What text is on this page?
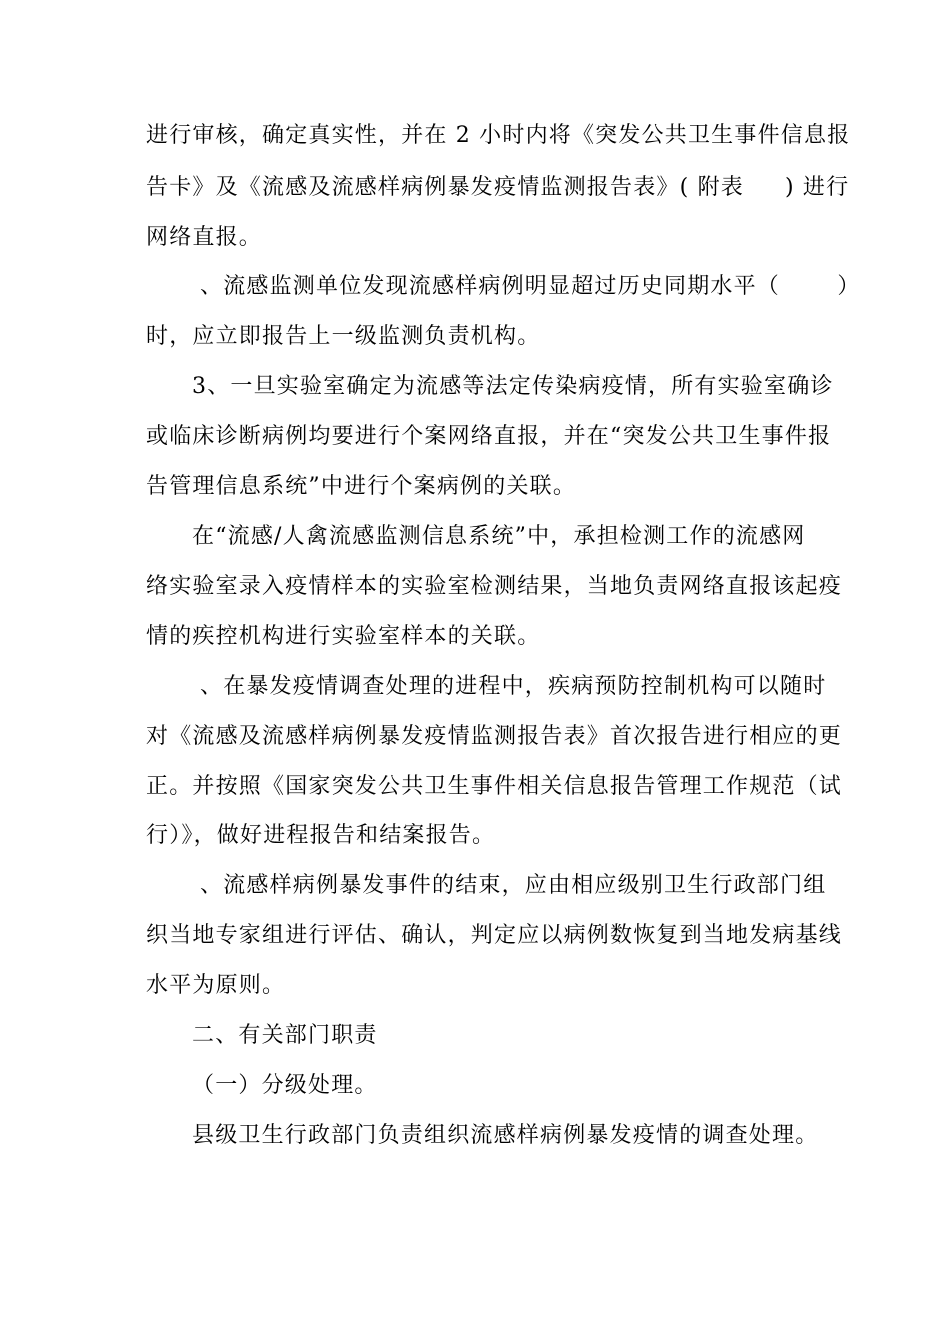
进行审核，确定真实性，并在 2 小时内将《突发公共卫生事件信息报
告卡》及《流感及流感样病例暴发疫情监测报告表》( 附表     ) 进行
网络直报。
、流感监测单位发现流感样病例明显超过历史同期水平（       ）
时，应立即报告上一级监测负责机构。
3、一旦实验室确定为流感等法定传染病疫情，所有实验室确诊
或临床诊断病例均要进行个案网络直报，并在“突发公共卫生事件报
告管理信息系统”中进行个案病例的关联。
在“流感/人禽流感监测信息系统”中，承担检测工作的流感网
络实验室录入疫情样本的实验室检测结果，当地负责网络直报该起疫
情的疾控机构进行实验室样本的关联。
、在暴发疫情调查处理的进程中，疾病预防控制机构可以随时
对《流感及流感样病例暴发疫情监测报告表》首次报告进行相应的更
正。并按照《国家突发公共卫生事件相关信息报告管理工作规范（试
行）》，做好进程报告和结案报告。
、流感样病例暴发事件的结束，应由相应级别卫生行政部门组
织当地专家组进行评估、确认，判定应以病例数恢复到当地发病基线
水平为原则。
二、有关部门职责
（一）分级处理。
县级卫生行政部门负责组织流感样病例暴发疫情的调查处理。
